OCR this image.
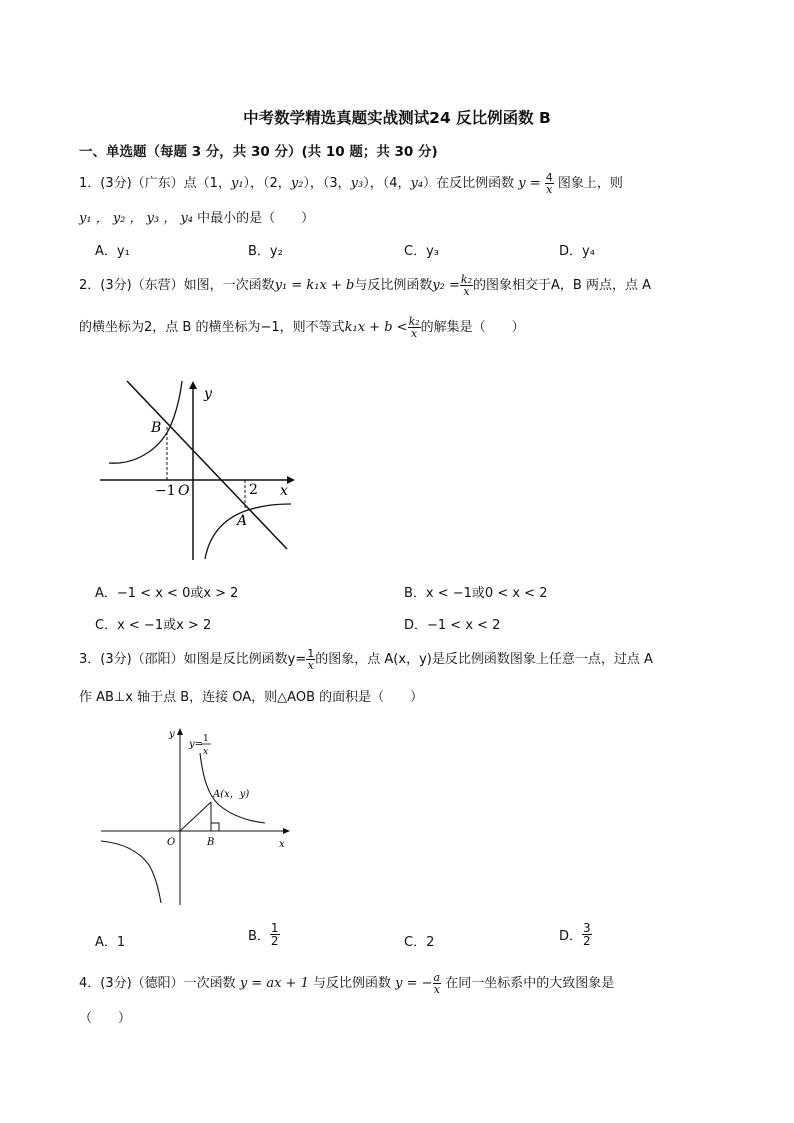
中考数学精选真题实战测试24 反比例函数 B
一、单选题（每题 3 分，共 30 分）(共 10 题；共 30 分)
1．(3分)（广东）点（1，y₁），（2，y₂），（3，y₃），（4，y₄）在反比例函数 $y = \frac{4}{x}$ 图象上，则
y₁ ， y₂ ， y₃ ， y₄ 中最小的是（　　）
A．y₁	B．y₂	C．y₃	D．y₄
2．(3分)（东营）如图，一次函数y₁ = k₁x + b与反比例函数$y_2 = \frac{\text{k₂}}{x}$ 的图象相交于A，B 两点，点 A
的横坐标为2，点 B 的横坐标为−1，则不等式$k_1x + b < \frac{\text{k₂}}{x}$ 的解集是（　　）
y
x
O
B
A
−1	2
A．−1 < x < 0或x > 2	B．x < −1或0 < x < 2
C．x < −1或x > 2	D．−1 < x < 2
3．(3分)（邵阳）如图是反比例函数$y= \frac{1}{x}$ 的图象，点 A(x，y)是反比例函数图象上任意一点，过点 A
作 AB⊥x 轴于点 B，连接 OA，则△AOB 的面积是（　　）
y
y= 1
x
A(x，y)
O	B	x
A．1	B． $\frac{1}{2}$	C．2	D． $\frac{3}{2}$
4．(3分)（德阳）一次函数 y = ax + 1 与反比例函数 y = − $\frac{a}{x}$ 在同一坐标系中的大致图象是
（　　）
